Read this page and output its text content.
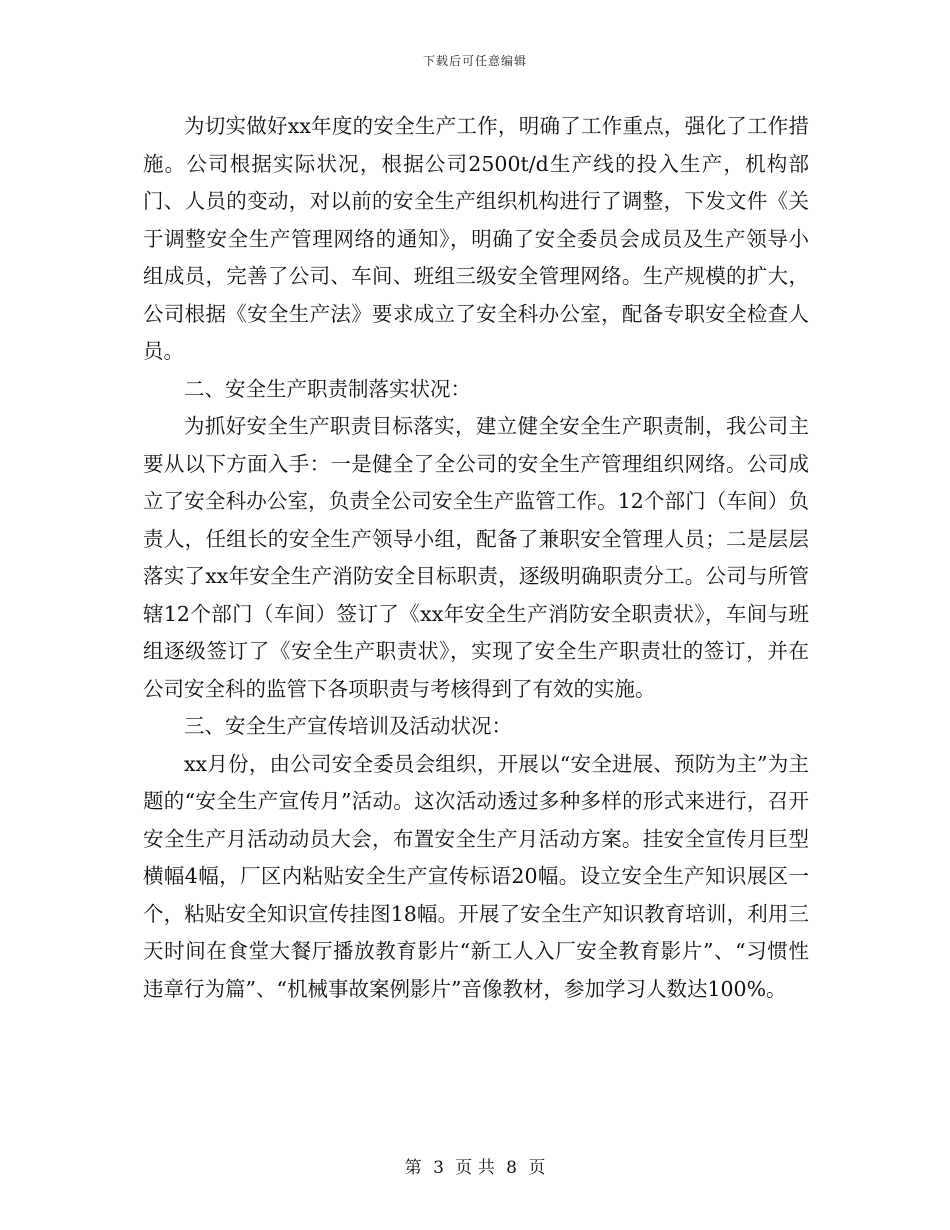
下载后可任意编辑

为切实做好xx年度的安全生产工作，明确了工作重点，强化了工作措施。公司根据实际状况，根据公司2500t/d生产线的投入生产，机构部门、人员的变动，对以前的安全生产组织机构进行了调整，下发文件《关于调整安全生产管理网络的通知》，明确了安全委员会成员及生产领导小组成员，完善了公司、车间、班组三级安全管理网络。生产规模的扩大，公司根据《安全生产法》要求成立了安全科办公室，配备专职安全检查人员。

二、安全生产职责制落实状况：

为抓好安全生产职责目标落实，建立健全安全生产职责制，我公司主要从以下方面入手：一是健全了全公司的安全生产管理组织网络。公司成立了安全科办公室，负责全公司安全生产监管工作。12个部门（车间）负责人，任组长的安全生产领导小组，配备了兼职安全管理人员；二是层层落实了xx年安全生产消防安全目标职责，逐级明确职责分工。公司与所管辖12个部门（车间）签订了《xx年安全生产消防安全职责状》，车间与班组逐级签订了《安全生产职责状》，实现了安全生产职责壮的签订，并在公司安全科的监管下各项职责与考核得到了有效的实施。

三、安全生产宣传培训及活动状况：

xx月份，由公司安全委员会组织，开展以“安全进展、预防为主”为主题的“安全生产宣传月”活动。这次活动透过多种多样的形式来进行，召开安全生产月活动动员大会，布置安全生产月活动方案。挂安全宣传月巨型横幅4幅，厂区内粘贴安全生产宣传标语20幅。设立安全生产知识展区一个，粘贴安全知识宣传挂图18幅。开展了安全生产知识教育培训，利用三天时间在食堂大餐厅播放教育影片“新工人入厂安全教育影片”、“习惯性违章行为篇”、“机械事故案例影片”音像教材，参加学习人数达100%。

第 3 页 共 8 页
